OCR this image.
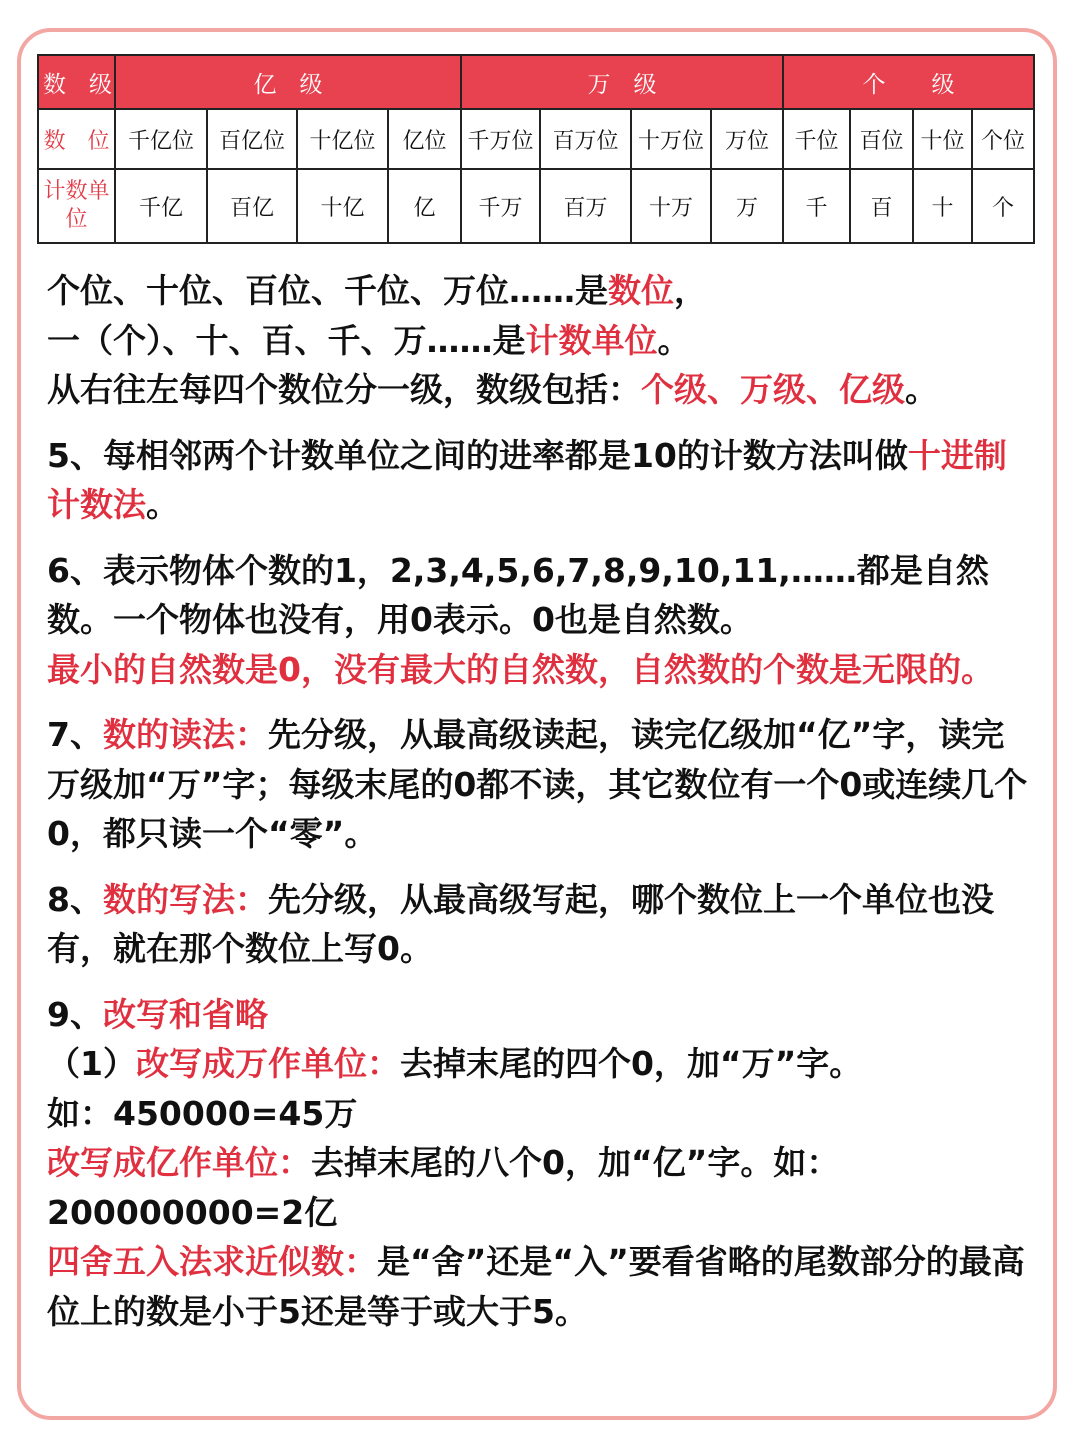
数　级	亿　级				万　级				个　　级			
数　位	千亿位	百亿位	十亿位	亿位	千万位	百万位	十万位	万位	千位	百位	十位	个位
计数单位	千亿	百亿	十亿	亿	千万	百万	十万	万	千	百	十	个

个位、十位、百位、千位、万位……是数位，
一（个）、十、百、千、万……是计数单位。
从右往左每四个数位分一级，数级包括：个级、万级、亿级。

5、每相邻两个计数单位之间的进率都是10的计数方法叫做十进制计数法。

6、表示物体个数的1，2,3,4,5,6,7,8,9,10,11,……都是自然数。一个物体也没有，用0表示。0也是自然数。
最小的自然数是0，没有最大的自然数，自然数的个数是无限的。

7、数的读法：先分级，从最高级读起，读完亿级加“亿”字，读完万级加“万”字；每级末尾的0都不读，其它数位有一个0或连续几个0，都只读一个“零”。

8、数的写法：先分级，从最高级写起，哪个数位上一个单位也没有，就在那个数位上写0。

9、改写和省略
（1）改写成万作单位：去掉末尾的四个0，加“万”字。
如：450000=45万
改写成亿作单位：去掉末尾的八个0，加“亿”字。如：
200000000=2亿
四舍五入法求近似数：是“舍”还是“入”要看省略的尾数部分的最高位上的数是小于5还是等于或大于5。
